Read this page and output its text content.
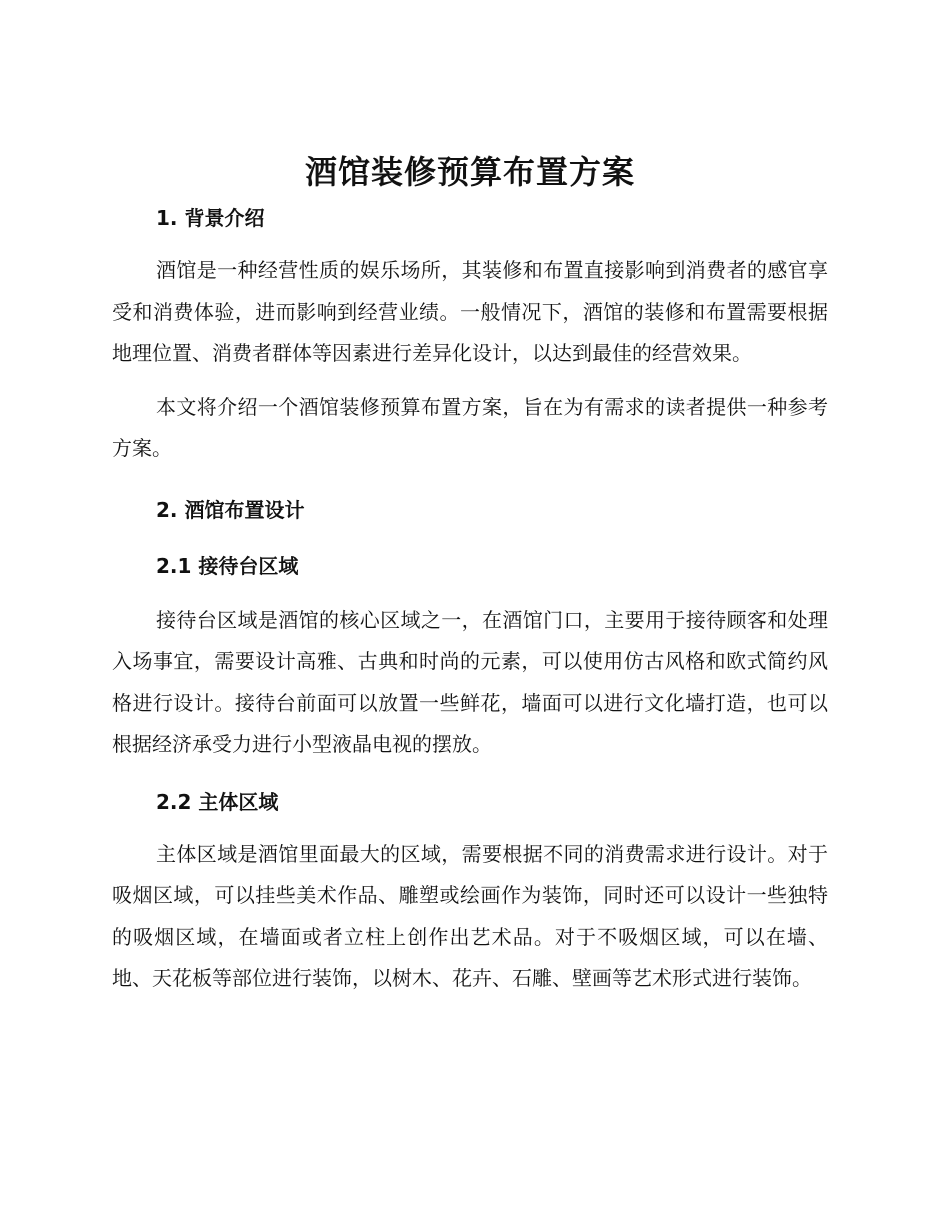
酒馆装修预算布置方案
1. 背景介绍

酒馆是一种经营性质的娱乐场所，其装修和布置直接影响到消费者的感官享受和消费体验，进而影响到经营业绩。一般情况下，酒馆的装修和布置需要根据地理位置、消费者群体等因素进行差异化设计，以达到最佳的经营效果。

本文将介绍一个酒馆装修预算布置方案，旨在为有需求的读者提供一种参考方案。

2. 酒馆布置设计
2.1 接待台区域

接待台区域是酒馆的核心区域之一，在酒馆门口，主要用于接待顾客和处理入场事宜，需要设计高雅、古典和时尚的元素，可以使用仿古风格和欧式简约风格进行设计。接待台前面可以放置一些鲜花，墙面可以进行文化墙打造，也可以根据经济承受力进行小型液晶电视的摆放。

2.2 主体区域

主体区域是酒馆里面最大的区域，需要根据不同的消费需求进行设计。对于吸烟区域，可以挂些美术作品、雕塑或绘画作为装饰，同时还可以设计一些独特的吸烟区域，在墙面或者立柱上创作出艺术品。对于不吸烟区域，可以在墙、地、天花板等部位进行装饰，以树木、花卉、石雕、壁画等艺术形式进行装饰。
